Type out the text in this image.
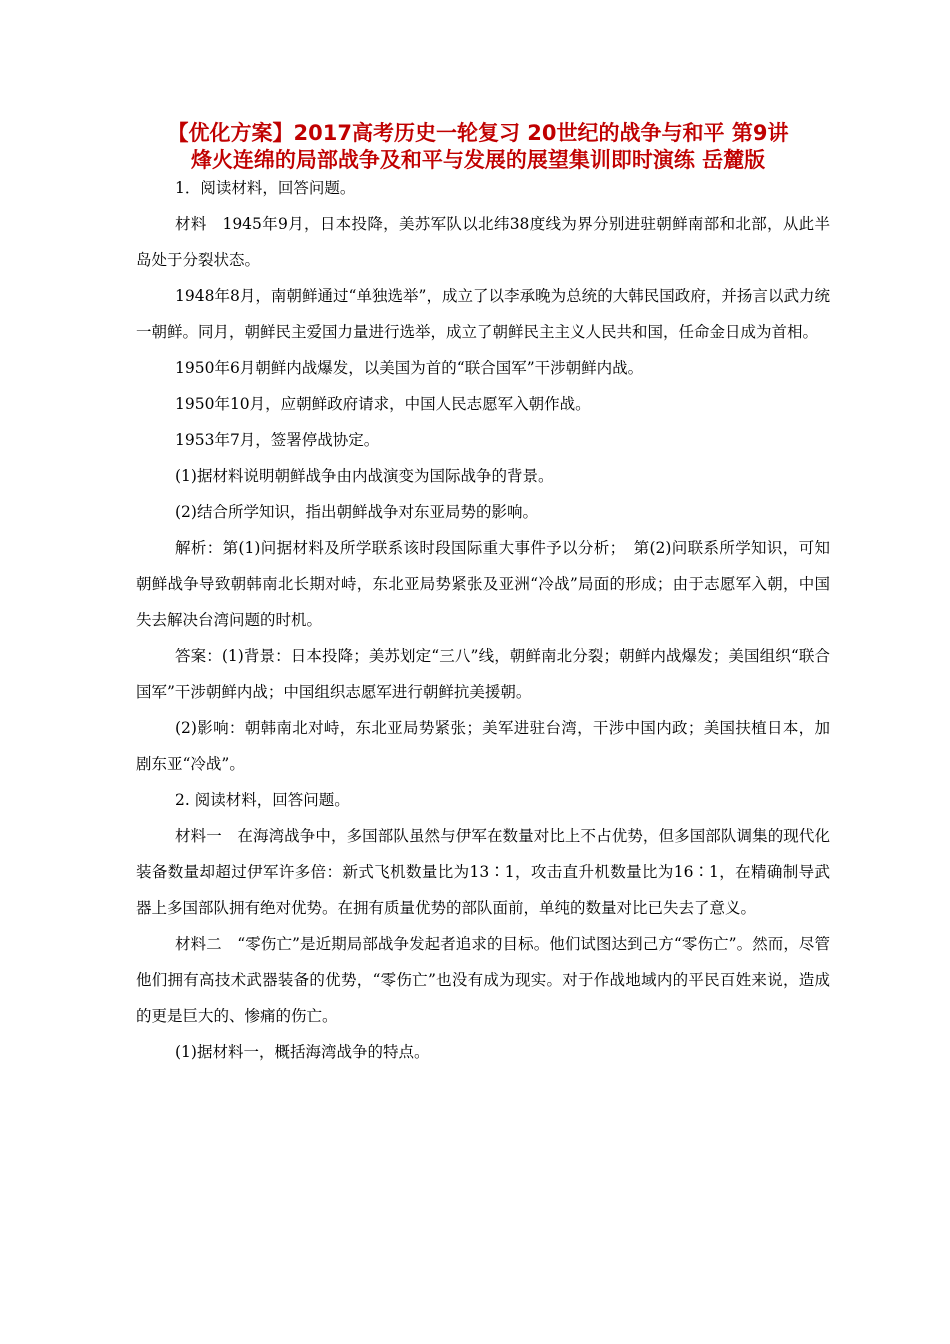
【优化方案】2017高考历史一轮复习 20世纪的战争与和平 第9讲
烽火连绵的局部战争及和平与发展的展望集训即时演练 岳麓版

1．阅读材料，回答问题。

材料　1945年9月，日本投降，美苏军队以北纬38度线为界分别进驻朝鲜南部和北部，从此半岛处于分裂状态。

1948年8月，南朝鲜通过“单独选举”，成立了以李承晚为总统的大韩民国政府，并扬言以武力统一朝鲜。同月，朝鲜民主爱国力量进行选举，成立了朝鲜民主主义人民共和国，任命金日成为首相。

1950年6月朝鲜内战爆发，以美国为首的“联合国军”干涉朝鲜内战。

1950年10月，应朝鲜政府请求，中国人民志愿军入朝作战。

1953年7月，签署停战协定。

(1)据材料说明朝鲜战争由内战演变为国际战争的背景。

(2)结合所学知识，指出朝鲜战争对东亚局势的影响。

解析：第(1)问据材料及所学联系该时段国际重大事件予以分析；　第(2)问联系所学知识，可知朝鲜战争导致朝韩南北长期对峙，东北亚局势紧张及亚洲“冷战”局面的形成；由于志愿军入朝，中国失去解决台湾问题的时机。

答案：(1)背景：日本投降；美苏划定“三八”线，朝鲜南北分裂；朝鲜内战爆发；美国组织“联合国军”干涉朝鲜内战；中国组织志愿军进行朝鲜抗美援朝。

(2)影响：朝韩南北对峙，东北亚局势紧张；美军进驻台湾，干涉中国内政；美国扶植日本，加剧东亚“冷战”。

2. 阅读材料，回答问题。

材料一　在海湾战争中，多国部队虽然与伊军在数量对比上不占优势，但多国部队调集的现代化装备数量却超过伊军许多倍：新式飞机数量比为13∶1，攻击直升机数量比为16∶1，在精确制导武器上多国部队拥有绝对优势。在拥有质量优势的部队面前，单纯的数量对比已失去了意义。

材料二　“零伤亡”是近期局部战争发起者追求的目标。他们试图达到己方“零伤亡”。然而，尽管他们拥有高技术武器装备的优势，“零伤亡”也没有成为现实。对于作战地域内的平民百姓来说，造成的更是巨大的、惨痛的伤亡。

(1)据材料一，概括海湾战争的特点。
